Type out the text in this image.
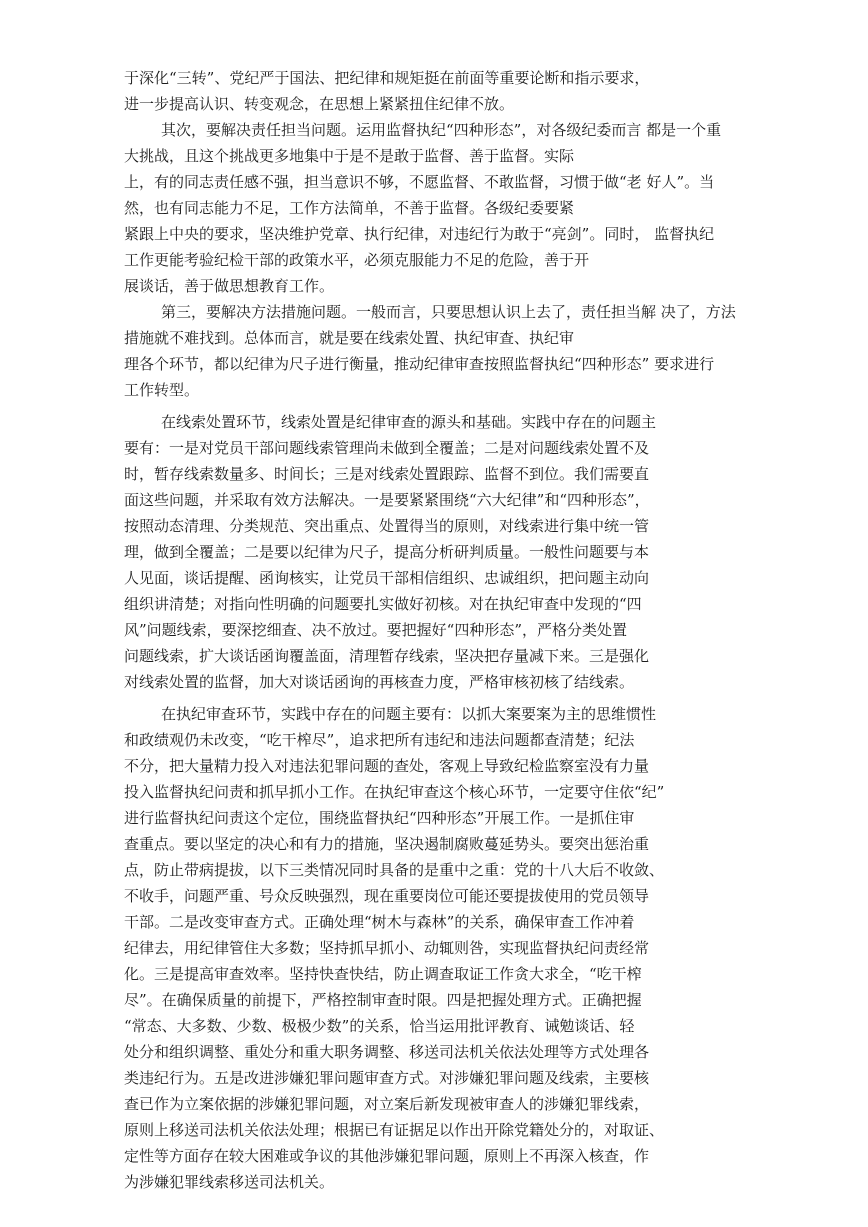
于深化“三转”、党纪严于国法、把纪律和规矩挺在前面等重要论断和指示要求，
进一步提高认识、转变观念，在思想上紧紧扭住纪律不放。
其次，要解决责任担当问题。运用监督执纪“四种形态”，对各级纪委而言 都是一个重
大挑战，且这个挑战更多地集中于是不是敢于监督、善于监督。实际
上，有的同志责任感不强，担当意识不够，不愿监督、不敢监督，习惯于做“老 好人”。当
然，也有同志能力不足，工作方法简单，不善于监督。各级纪委要紧
紧跟上中央的要求，坚决维护党章、执行纪律，对违纪行为敢于“亮剑”。同时， 监督执纪
工作更能考验纪检干部的政策水平，必须克服能力不足的危险，善于开
展谈话，善于做思想教育工作。
第三，要解决方法措施问题。一般而言，只要思想认识上去了，责任担当解 决了，方法
措施就不难找到。总体而言，就是要在线索处置、执纪审查、执纪审
理各个环节，都以纪律为尺子进行衡量，推动纪律审查按照监督执纪“四种形态” 要求进行
工作转型。
在线索处置环节，线索处置是纪律审查的源头和基础。实践中存在的问题主
要有：一是对党员干部问题线索管理尚未做到全覆盖；二是对问题线索处置不及
时，暂存线索数量多、时间长；三是对线索处置跟踪、监督不到位。我们需要直
面这些问题，并采取有效方法解决。一是要紧紧围绕“六大纪律”和“四种形态”，
按照动态清理、分类规范、突出重点、处置得当的原则，对线索进行集中统一管
理，做到全覆盖；二是要以纪律为尺子，提高分析研判质量。一般性问题要与本
人见面，谈话提醒、函询核实，让党员干部相信组织、忠诚组织，把问题主动向
组织讲清楚；对指向性明确的问题要扎实做好初核。对在执纪审查中发现的“四
风”问题线索，要深挖细查、决不放过。要把握好“四种形态”，严格分类处置
问题线索，扩大谈话函询覆盖面，清理暂存线索，坚决把存量减下来。三是强化
对线索处置的监督，加大对谈话函询的再核查力度，严格审核初核了结线索。
在执纪审查环节，实践中存在的问题主要有：以抓大案要案为主的思维惯性
和政绩观仍未改变，“吃干榨尽”，追求把所有违纪和违法问题都查清楚；纪法
不分，把大量精力投入对违法犯罪问题的查处，客观上导致纪检监察室没有力量
投入监督执纪问责和抓早抓小工作。在执纪审查这个核心环节，一定要守住依“纪”
进行监督执纪问责这个定位，围绕监督执纪“四种形态”开展工作。一是抓住审
查重点。要以坚定的决心和有力的措施，坚决遏制腐败蔓延势头。要突出惩治重
点，防止带病提拔，以下三类情况同时具备的是重中之重：党的十八大后不收敛、
不收手，问题严重、号众反映强烈，现在重要岗位可能还要提拔使用的党员领导
干部。二是改变审查方式。正确处理“树木与森林”的关系，确保审查工作冲着
纪律去，用纪律管住大多数；坚持抓早抓小、动辄则咎，实现监督执纪问责经常
化。三是提高审查效率。坚持快查快结，防止调查取证工作贪大求全，“吃干榨
尽”。在确保质量的前提下，严格控制审查时限。四是把握处理方式。正确把握
“常态、大多数、少数、极极少数”的关系，恰当运用批评教育、诫勉谈话、轻
处分和组织调整、重处分和重大职务调整、移送司法机关依法处理等方式处理各
类违纪行为。五是改进涉嫌犯罪问题审查方式。对涉嫌犯罪问题及线索，主要核
查已作为立案依据的涉嫌犯罪问题，对立案后新发现被审查人的涉嫌犯罪线索，
原则上移送司法机关依法处理；根据已有证据足以作出开除党籍处分的，对取证、
定性等方面存在较大困难或争议的其他涉嫌犯罪问题，原则上不再深入核查，作
为涉嫌犯罪线索移送司法机关。
